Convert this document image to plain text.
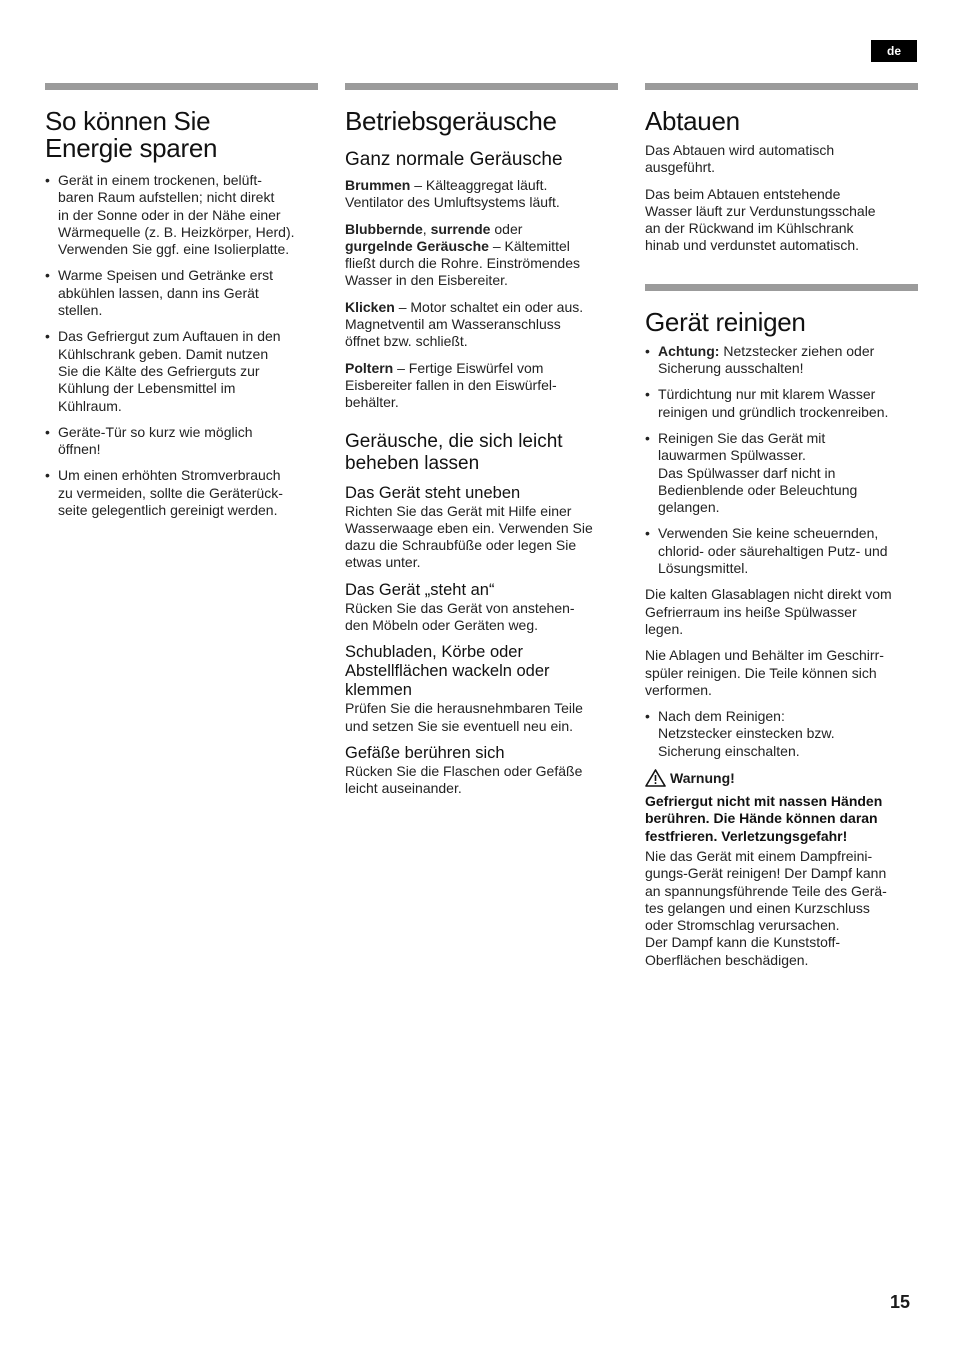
de
So können Sie
Energie sparen
• Gerät in einem trockenen, belüft-
baren Raum aufstellen; nicht direkt
in der Sonne oder in der Nähe einer
Wärmequelle (z. B. Heizkörper, Herd).
Verwenden Sie ggf. eine Isolierplatte.
• Warme Speisen und Getränke erst
abkühlen lassen, dann ins Gerät
stellen.
• Das Gefriergut zum Auftauen in den
Kühlschrank geben. Damit nutzen
Sie die Kälte des Gefrierguts zur
Kühlung der Lebensmittel im
Kühlraum.
• Geräte-Tür so kurz wie möglich
öffnen!
• Um einen erhöhten Stromverbrauch
zu vermeiden, sollte die Geräterück-
seite gelegentlich gereinigt werden.
Betriebsgeräusche
Ganz normale Geräusche

Brummen – Kälteaggregat läuft.
Ventilator des Umluftsystems läuft.

Blubbernde, surrende oder
gurgelnde Geräusche – Kältemittel
fließt durch die Rohre. Einströmendes
Wasser in den Eisbereiter.

Klicken – Motor schaltet ein oder aus.
Magnetventil am Wasseranschluss
öffnet bzw. schließt.

Poltern – Fertige Eiswürfel vom
Eisbereiter fallen in den Eiswürfel-
behälter.

Geräusche, die sich leicht
beheben lassen
Das Gerät steht uneben

Richten Sie das Gerät mit Hilfe einer
Wasserwaage eben ein. Verwenden Sie
dazu die Schraubfüße oder legen Sie
etwas unter.

Das Gerät „steht an“

Rücken Sie das Gerät von anstehen-
den Möbeln oder Geräten weg.

Schubladen, Körbe oder
Abstellflächen wackeln oder
klemmen

Prüfen Sie die herausnehmbaren Teile
und setzen Sie sie eventuell neu ein.

Gefäße berühren sich

Rücken Sie die Flaschen oder Gefäße
leicht auseinander.

Abtauen

Das Abtauen wird automatisch
ausgeführt.

Das beim Abtauen entstehende
Wasser läuft zur Verdunstungsschale
an der Rückwand im Kühlschrank
hinab und verdunstet automatisch.

Gerät reinigen
• Achtung: Netzstecker ziehen oder
Sicherung ausschalten!
• Türdichtung nur mit klarem Wasser
reinigen und gründlich trockenreiben.
• Reinigen Sie das Gerät mit
lauwarmen Spülwasser.
Das Spülwasser darf nicht in
Bedienblende oder Beleuchtung
gelangen.
• Verwenden Sie keine scheuernden,
chlorid- oder säurehaltigen Putz- und
Lösungsmittel.

Die kalten Glasablagen nicht direkt vom
Gefrierraum ins heiße Spülwasser
legen.

Nie Ablagen und Behälter im Geschirr-
spüler reinigen. Die Teile können sich
verformen.

• Nach dem Reinigen:
Netzstecker einstecken bzw.
Sicherung einschalten.
Warnung!

Gefriergut nicht mit nassen Händen
berühren. Die Hände können daran
festfrieren. Verletzungsgefahr!

Nie das Gerät mit einem Dampfreini-
gungs-Gerät reinigen! Der Dampf kann
an spannungsführende Teile des Gerä-
tes gelangen und einen Kurzschluss
oder Stromschlag verursachen.
Der Dampf kann die Kunststoff-
Oberflächen beschädigen.

15
